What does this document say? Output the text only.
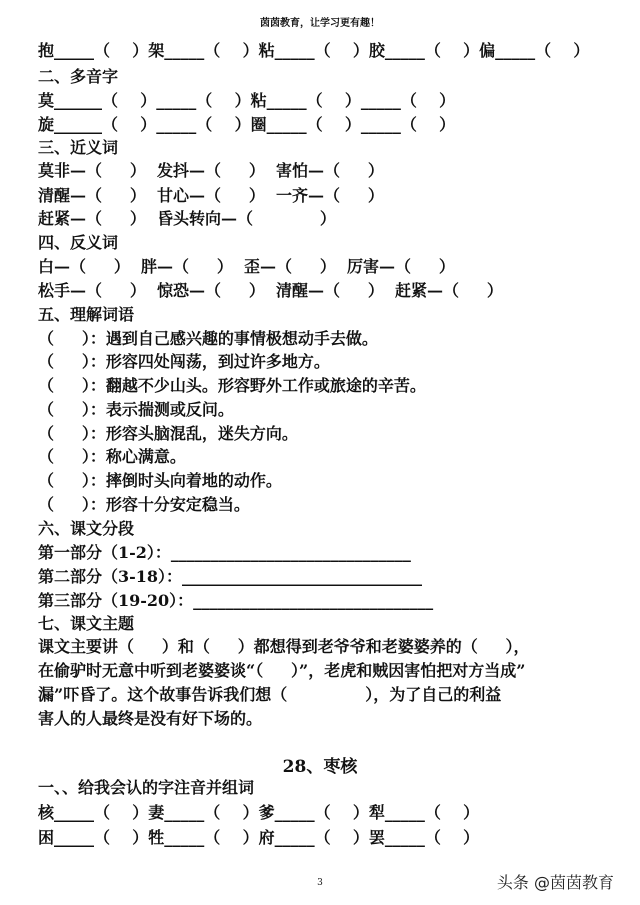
茵茵教育，让学习更有趣！
抱_____（    ）架_____（    ）粘_____（    ）胶_____（    ）偏_____（    ）
二、多音字
莫______（    ）_____（    ）粘_____（    ）_____（    ）
旋______（    ）_____（    ）圈_____（    ）_____（    ）
三、近义词
莫非—（     ）  发抖—（     ）  害怕—（     ）
清醒—（     ）  甘心—（     ）  一齐—（     ）
赶紧—（     ）  昏头转向—（            ）
四、反义词
白—（     ）  胖—（     ）  歪—（     ）  厉害—（     ）
松手—（     ）  惊恐—（     ）  清醒—（     ）  赶紧—（     ）
五、理解词语
（     ）：遇到自己感兴趣的事情极想动手去做。
（     ）：形容四处闯荡，到过许多地方。
（     ）：翻越不少山头。形容野外工作或旅途的辛苦。
（     ）：表示揣测或反问。
（     ）：形容头脑混乱，迷失方向。
（     ）：称心满意。
（     ）：摔倒时头向着地的动作。
（     ）：形容十分安定稳当。
六、课文分段
第一部分（1-2）：______________________________
第二部分（3-18）：______________________________
第三部分（19-20）：______________________________
七、课文主题
课文主要讲（     ）和（     ）都想得到老爷爷和老婆婆养的（     ），
在偷驴时无意中听到老婆婆谈“（     ）”，老虎和贼因害怕把对方当成”
漏”吓昏了。这个故事告诉我们想（              ），为了自己的利益
害人的人最终是没有好下场的。
28、枣核
一、、给我会认的字注音并组词
核_____（    ）妻_____（    ）爹_____（    ）犁_____（    ）
困_____（    ）牲_____（    ）府_____（    ）罢_____（    ）
3	头条 @茵茵教育
